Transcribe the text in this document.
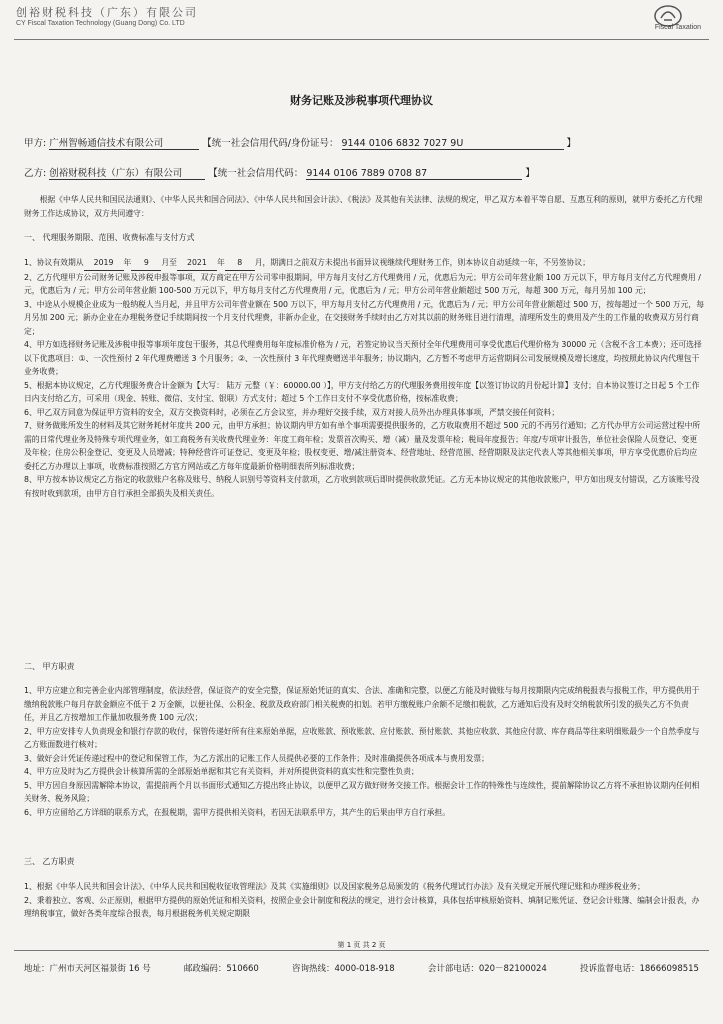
创裕财税科技（广东）有限公司
CY Fiscal Taxation Technology (Guang Dong) Co. LTD
Fiscal Taxation
财务记账及涉税事项代理协议
甲方: 广州智畅通信技术有限公司	【统一社会信用代码/身份证号： 9144 0106 6832 7027 9U	】
乙方: 创裕财税科技（广东）有限公司	【统一社会信用代码： 9144 0106 7889 0708 87	】

根据《中华人民共和国民法通则》、《中华人民共和国合同法》、《中华人民共和国会计法》、《税法》及其他有关法律、法规的规定，甲乙双方本着平等自愿、互惠互利的原则，就甲方委托乙方代理财务工作达成协议，双方共同遵守：

一、 代理服务期限、范围、收费标准与支付方式

1、协议有效期从 2019 年 9 月至 2021 年 8 月，期满日之前双方未提出书面异议视继续代理财务工作，则本协议自动延续一年，不另签协议；

2、乙方代理甲方公司财务记账及涉税申报等事项，双方商定在甲方公司零申报期间，甲方每月支付乙方代理费用 / 元，优惠后为元；甲方公司年营业额 100 万元以下，甲方每月支付乙方代理费用 / 元，优惠后为 / 元；甲方公司年营业额 100-500 万元以下，甲方每月支付乙方代理费用 / 元，优惠后为 / 元；甲方公司年营业额超过 500 万元，每超 300 万元，每月另加 100 元；

3、中途从小规模企业成为一般纳税人当月起，并且甲方公司年营业额在 500 万以下，甲方每月支付乙方代理费用 / 元，优惠后为 / 元；甲方公司年营业额超过 500 万，按每超过一个 500 万元，每月另加 200 元；新办企业在办理税务登记手续期间按一个月支付代理费，非新办企业，在交接财务手续时由乙方对其以前的财务账目进行清理，清理所发生的费用及产生的工作量的收费双方另行商定；

4、甲方如选择财务记账及涉税申报等事项年度包干服务，其总代理费用每年度标准价格为 / 元，若签定协议当天预付全年代理费用可享受优惠后代理价格为 30000 元（含税不含工本费）；还可选择以下优惠项目：①、一次性预付 2 年代理费赠送 3 个月服务；②、一次性预付 3 年代理费赠送半年服务；协议期内，乙方暂不考虑甲方运营期间公司发展规模及增长速度，均按照此协议内代理包干业务收费；

5、根据本协议规定，乙方代理服务费合计金额为【大写： 陆万 元整（￥：60000.00 ）】，甲方支付给乙方的代理服务费用按年度【以签订协议的月份起计算】支付；自本协议签订之日起 5 个工作日内支付给乙方，可采用（现金、转账、微信、支付宝、银联）方式支付；超过 5 个工作日支付不享受优惠价格，按标准收费；

6、甲乙双方同意为保证甲方资料的安全，双方交换资料时，必须在乙方会议室，并办理好交接手续，双方对接人员外出办理具体事项，严禁交接任何资料；

7、财务做账所发生的材料及其它财务耗材年度共 200 元，由甲方承担；协议期内甲方如有单个事项需要提供服务的，乙方收取费用不超过 500 元的不再另行通知；乙方代办甲方公司运营过程中所需的日常代理业务及特殊专项代理业务，如工商税务有关收费代理业务：年度工商年检；发票首次购买、增（减）量及发票年检；税局年度报告；年度/专项审计报告，单位社会保险人员登记、变更及年检；住房公积金登记、变更及人员增减；特种经营许可证登记、变更及年检；股权变更、增/减注册资本、经营地址、经营范围、经营期限及法定代表人等其他相关事项，甲方享受优惠价后均应委托乙方办理以上事项，收费标准按照乙方官方网站或乙方每年度最新价格明细表所列标准收费；

8、甲方按本协议规定乙方指定的收款账户名称及账号、纳税人识别号等资料支付款项，乙方收到款项后即时提供收款凭证。乙方无本协议规定的其他收款账户，甲方如出现支付错误，乙方该账号没有按时收到款项，由甲方自行承担全部损失及相关责任。

二、 甲方职责

1、甲方应建立和完善企业内部管理制度，依法经营，保证资产的安全完整，保证原始凭证的真实、合法、准确和完整，以便乙方能及时做账与每月按期限内完成纳税报表与报税工作，甲方提供用于缴纳税款账户每月存款金额应不低于 2 万金额，以便社保、公积金、税款及政府部门相关税费的扣划。若甲方缴税账户余额不足缴扣税款，乙方通知后没有及时交纳税款所引发的损失乙方不负责任，并且乙方按增加工作量加收服务费 100 元/次；

2、甲方应安排专人负责现金和银行存款的收付，保管传递好所有往来原始单据，应收账款、预收账款、应付账款、预付账款、其他应收款、其他应付款、库存商品等往来明细账最少一个自然季度与乙方账面数进行核对；

3、做好会计凭证传递过程中的登记和保管工作，为乙方派出的记账工作人员提供必要的工作条件；及时准确提供各项成本与费用发票；

4、甲方应及时为乙方提供会计核算所需的全部原始单据和其它有关资料，并对所提供资料的真实性和完整性负责；

5、甲方因自身原因需解除本协议，需提前两个月以书面形式通知乙方提出终止协议，以便甲乙双方做好财务交接工作。根据会计工作的特殊性与连续性，提前解除协议乙方将不承担协议期内任何相关财务、税务风险；

6、甲方应留给乙方详细的联系方式，在报税期，需甲方提供相关资料，若因无法联系甲方，其产生的后果由甲方自行承担。

三、 乙方职责

1、根据《中华人民共和国会计法》、《中华人民共和国税收征收管理法》及其《实施细则》以及国家税务总局颁发的《税务代理试行办法》及有关规定开展代理记账和办理涉税业务；

2、秉着独立、客观、公正原则，根据甲方提供的原始凭证和相关资料，按照企业会计制度和税法的规定，进行会计核算，具体包括审核原始资料、填制记账凭证、登记会计账簿、编制会计报表，办理纳税事宜，做好各类年度综合报表，每月根据税务机关规定期限

第 1 页 共 2 页
地址：广州市天河区福景街 16 号	邮政编码：510660	咨询热线：4000-018-918	会计部电话：020－82100024	投诉监督电话：18666098515
